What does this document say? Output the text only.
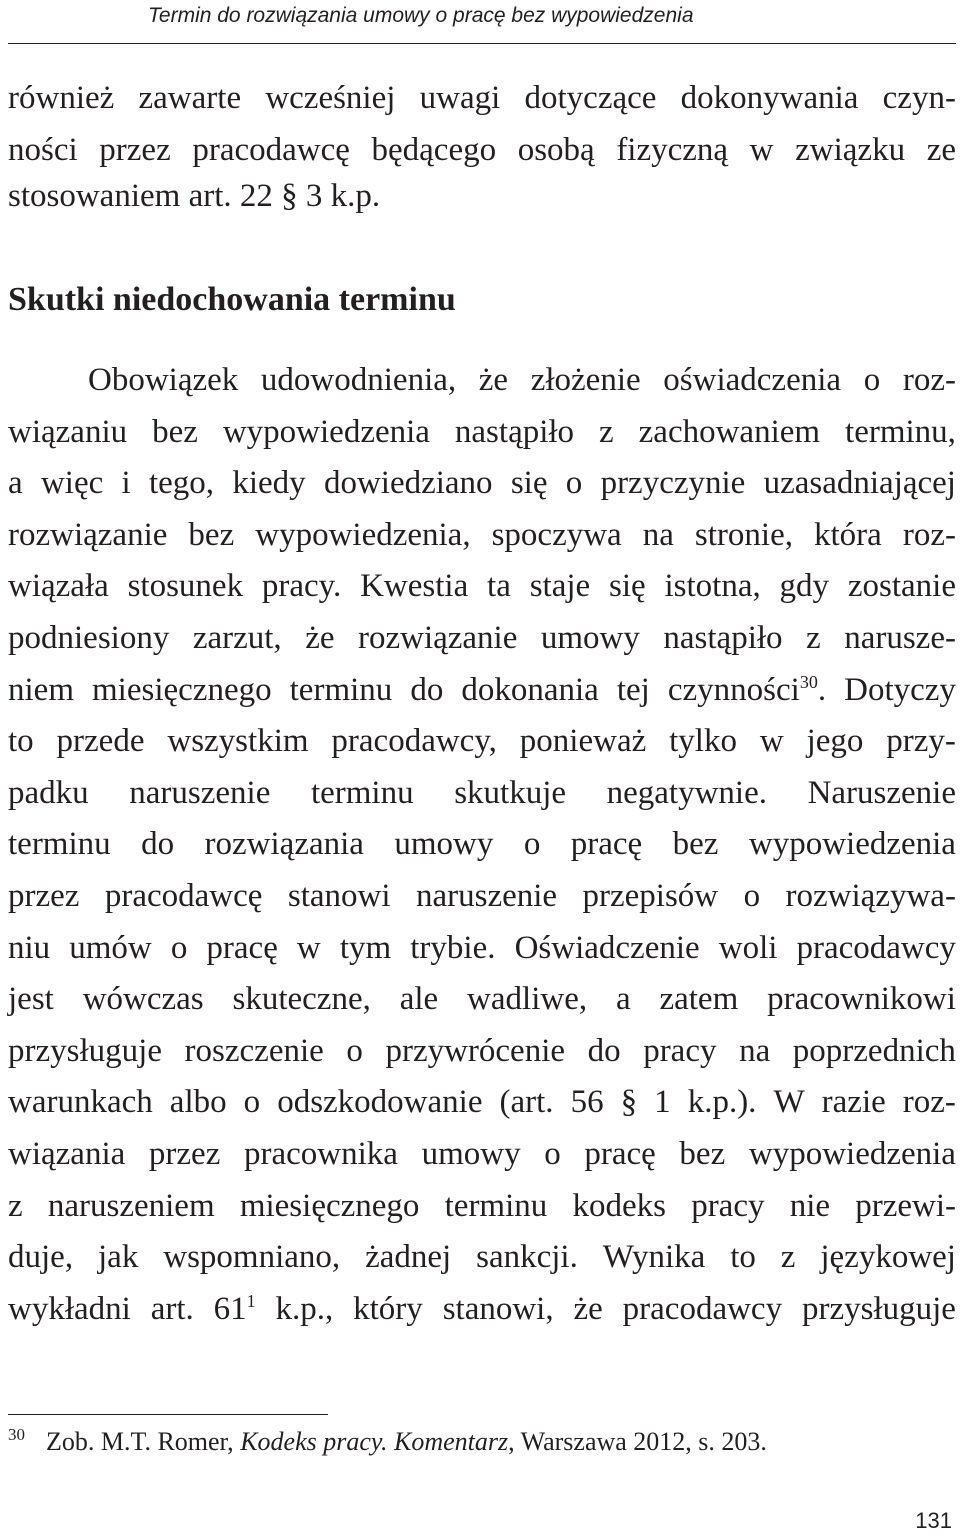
Termin do rozwiązania umowy o pracę bez wypowiedzenia
również zawarte wcześniej uwagi dotyczące dokonywania czyn-
ności przez pracodawcę będącego osobą fizyczną w związku ze
stosowaniem art. 22 § 3 k.p.
Skutki niedochowania terminu
Obowiązek udowodnienia, że złożenie oświadczenia o roz-
wiązaniu bez wypowiedzenia nastąpiło z zachowaniem terminu,
a więc i tego, kiedy dowiedziano się o przyczynie uzasadniającej
rozwiązanie bez wypowiedzenia, spoczywa na stronie, która roz-
wiązała stosunek pracy. Kwestia ta staje się istotna, gdy zostanie
podniesiony zarzut, że rozwiązanie umowy nastąpiło z narusze-
niem miesięcznego terminu do dokonania tej czynności$^{30}$. Dotyczy
to przede wszystkim pracodawcy, ponieważ tylko w jego przy-
padku naruszenie terminu skutkuje negatywnie. Naruszenie
terminu do rozwiązania umowy o pracę bez wypowiedzenia
przez pracodawcę stanowi naruszenie przepisów o rozwiązywa-
niu umów o pracę w tym trybie. Oświadczenie woli pracodawcy
jest wówczas skuteczne, ale wadliwe, a zatem pracownikowi
przysługuje roszczenie o przywrócenie do pracy na poprzednich
warunkach albo o odszkodowanie (art. 56 § 1 k.p.). W razie roz-
wiązania przez pracownika umowy o pracę bez wypowiedzenia
z naruszeniem miesięcznego terminu kodeks pracy nie przewi-
duje, jak wspomniano, żadnej sankcji. Wynika to z językowej
wykładni art. $61^1$ k.p., który stanowi, że pracodawcy przysługuje
30 Zob. M.T. Romer, Kodeks pracy. Komentarz, Warszawa 2012, s. 203.
131
